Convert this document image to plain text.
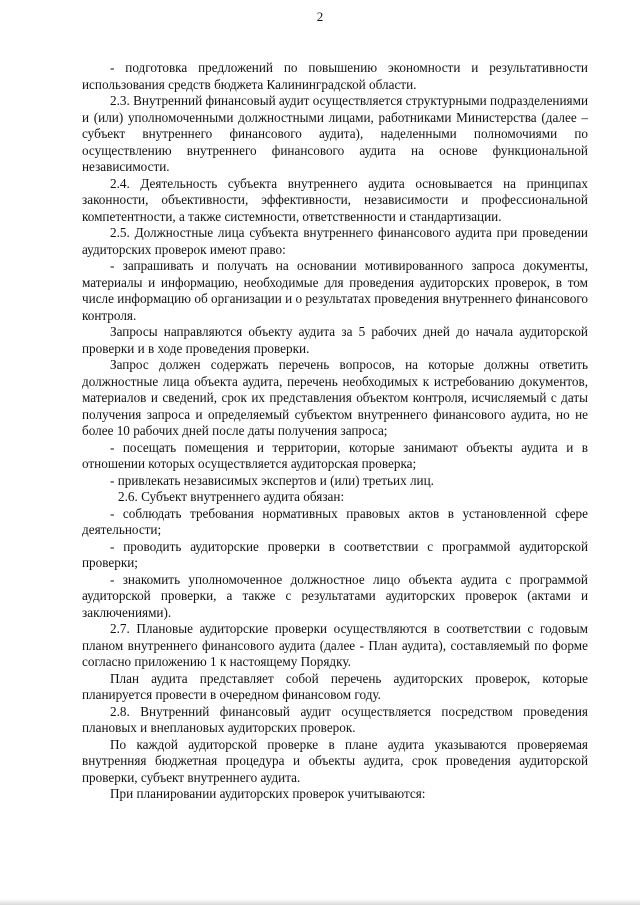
2

- подготовка предложений по повышению экономности и результативности использования средств бюджета Калининградской области.

2.3. Внутренний финансовый аудит осуществляется структурными подразделениями и (или) уполномоченными должностными лицами, работниками Министерства (далее – субъект внутреннего финансового аудита), наделенными полномочиями по осуществлению внутреннего финансового аудита на основе функциональной независимости.

2.4. Деятельность субъекта внутреннего аудита основывается на принципах законности, объективности, эффективности, независимости и профессиональной компетентности, а также системности, ответственности и стандартизации.

2.5. Должностные лица субъекта внутреннего финансового аудита при проведении аудиторских проверок имеют право:

- запрашивать и получать на основании мотивированного запроса документы, материалы и информацию, необходимые для проведения аудиторских проверок, в том числе информацию об организации и о результатах проведения внутреннего финансового контроля.

Запросы направляются объекту аудита за 5 рабочих дней до начала аудиторской проверки и в ходе проведения проверки.

Запрос должен содержать перечень вопросов, на которые должны ответить должностные лица объекта аудита, перечень необходимых к истребованию документов, материалов и сведений, срок их представления объектом контроля, исчисляемый с даты получения запроса и определяемый субъектом внутреннего финансового аудита, но не более 10 рабочих дней после даты получения запроса;

- посещать помещения и территории, которые занимают объекты аудита и в отношении которых осуществляется аудиторская проверка;

- привлекать независимых экспертов и (или) третьих лиц.

2.6. Субъект внутреннего аудита обязан:

- соблюдать требования нормативных правовых актов в установленной сфере деятельности;

- проводить аудиторские проверки в соответствии с программой аудиторской проверки;

- знакомить уполномоченное должностное лицо объекта аудита с программой аудиторской проверки, а также с результатами аудиторских проверок (актами и заключениями).

2.7. Плановые аудиторские проверки осуществляются в соответствии с годовым планом внутреннего финансового аудита (далее - План аудита), составляемый по форме согласно приложению 1 к настоящему Порядку.

План аудита представляет собой перечень аудиторских проверок, которые планируется провести в очередном финансовом году.

2.8. Внутренний финансовый аудит осуществляется посредством проведения плановых и внеплановых аудиторских проверок.

По каждой аудиторской проверке в плане аудита указываются проверяемая внутренняя бюджетная процедура и объекты аудита, срок проведения аудиторской проверки, субъект внутреннего аудита.

При планировании аудиторских проверок учитываются:
